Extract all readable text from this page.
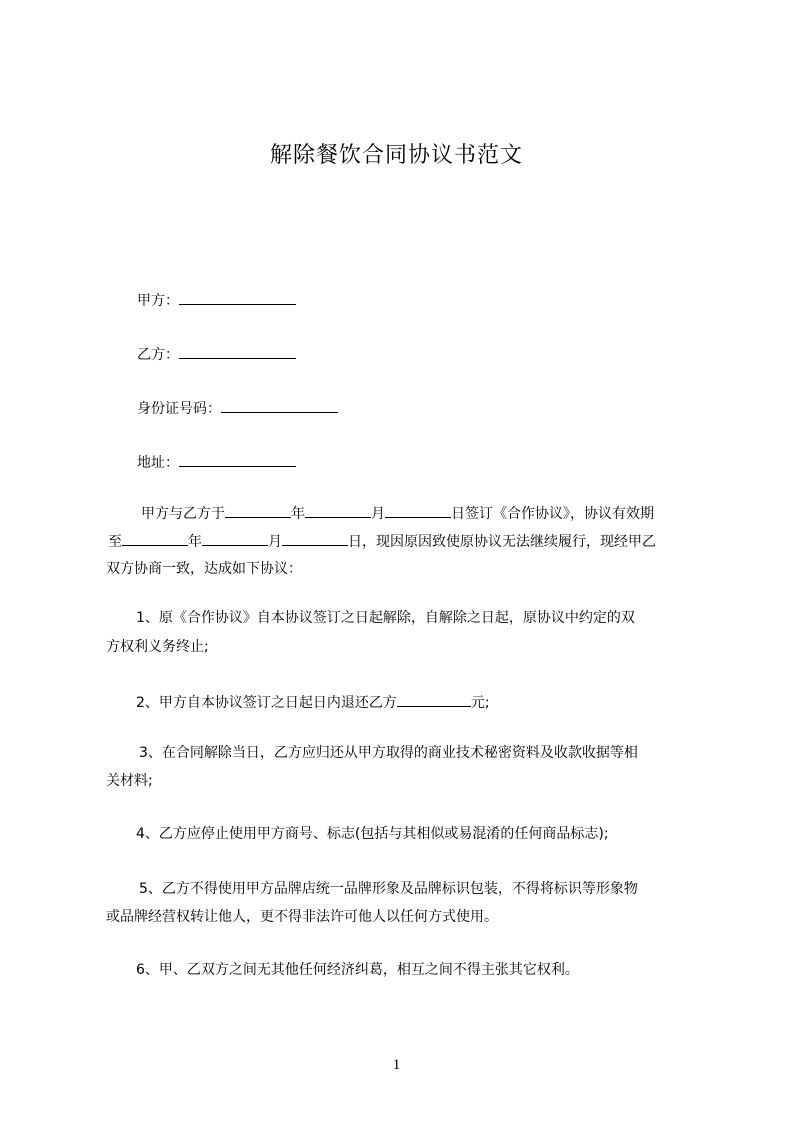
解除餐饮合同协议书范文
甲方：
乙方：
身份证号码：
地址：
甲方与乙方于	年	月	日签订《合作协议》，协议有效期
至	年	月	日，现因原因致使原协议无法继续履行，现经甲乙
双方协商一致，达成如下协议：
1、原《合作协议》自本协议签订之日起解除，自解除之日起，原协议中约定的双
方权利义务终止;
2、甲方自本协议签订之日起日内退还乙方	元;
3、在合同解除当日，乙方应归还从甲方取得的商业技术秘密资料及收款收据等相
关材料;
4、乙方应停止使用甲方商号、标志(包括与其相似或易混淆的任何商品标志);
5、乙方不得使用甲方品牌店统一品牌形象及品牌标识包装，不得将标识等形象物
或品牌经营权转让他人，更不得非法许可他人以任何方式使用。
6、甲、乙双方之间无其他任何经济纠葛，相互之间不得主张其它权利。
1
